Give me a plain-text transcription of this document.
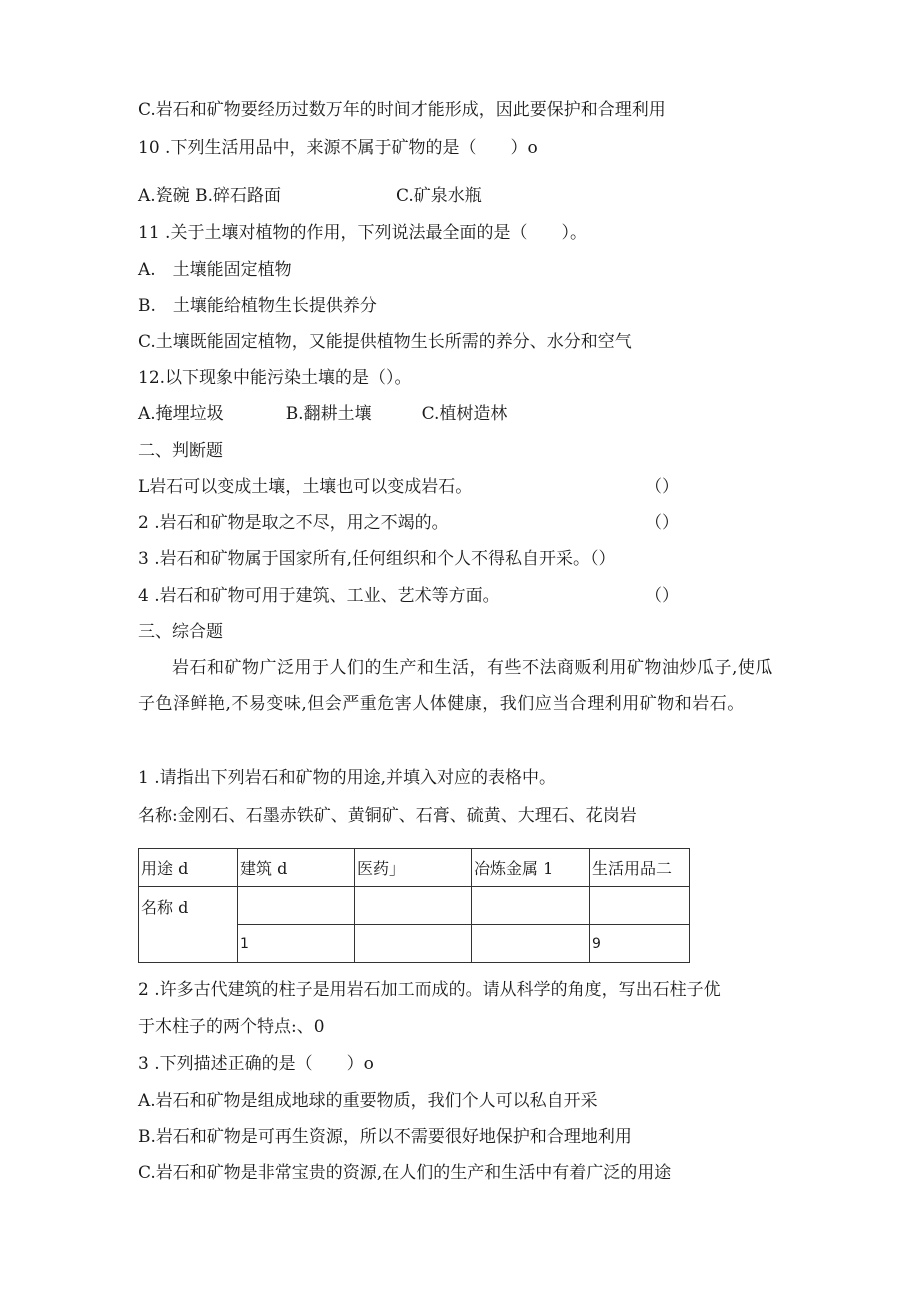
C.岩石和矿物要经历过数万年的时间才能形成，因此要保护和合理利用
10 .下列生活用品中，来源不属于矿物的是（　　）o
A.瓷碗 B.碎石路面	C.矿泉水瓶
11 .关于土壤对植物的作用，下列说法最全面的是（　　）。
A.　土壤能固定植物
B.　土壤能给植物生长提供养分
C.土壤既能固定植物，又能提供植物生长所需的养分、水分和空气
12.以下现象中能污染土壤的是（）。
A.掩埋垃圾	B.翻耕土壤	C.植树造林
二、判断题
L岩石可以变成土壤，土壤也可以变成岩石。	（）
2 .岩石和矿物是取之不尽，用之不竭的。	（）
3 .岩石和矿物属于国家所有,任何组织和个人不得私自开采。（）
4 .岩石和矿物可用于建筑、工业、艺术等方面。	（）
三、综合题
岩石和矿物广泛用于人们的生产和生活，有些不法商贩利用矿物油炒瓜子,使瓜子色泽鲜艳,不易变味,但会严重危害人体健康，我们应当合理利用矿物和岩石。
1 .请指出下列岩石和矿物的用途,并填入对应的表格中。
名称:金刚石、石墨赤铁矿、黄铜矿、石膏、硫黄、大理石、花岗岩
用途 d	建筑 d	医药」	冶炼金属 1	生活用品二
名称 d				
	1			9
2 .许多古代建筑的柱子是用岩石加工而成的。请从科学的角度，写出石柱子优
于木柱子的两个特点:、0
3 .下列描述正确的是（　　）o
A.岩石和矿物是组成地球的重要物质，我们个人可以私自开采
B.岩石和矿物是可再生资源，所以不需要很好地保护和合理地利用
C.岩石和矿物是非常宝贵的资源,在人们的生产和生活中有着广泛的用途
